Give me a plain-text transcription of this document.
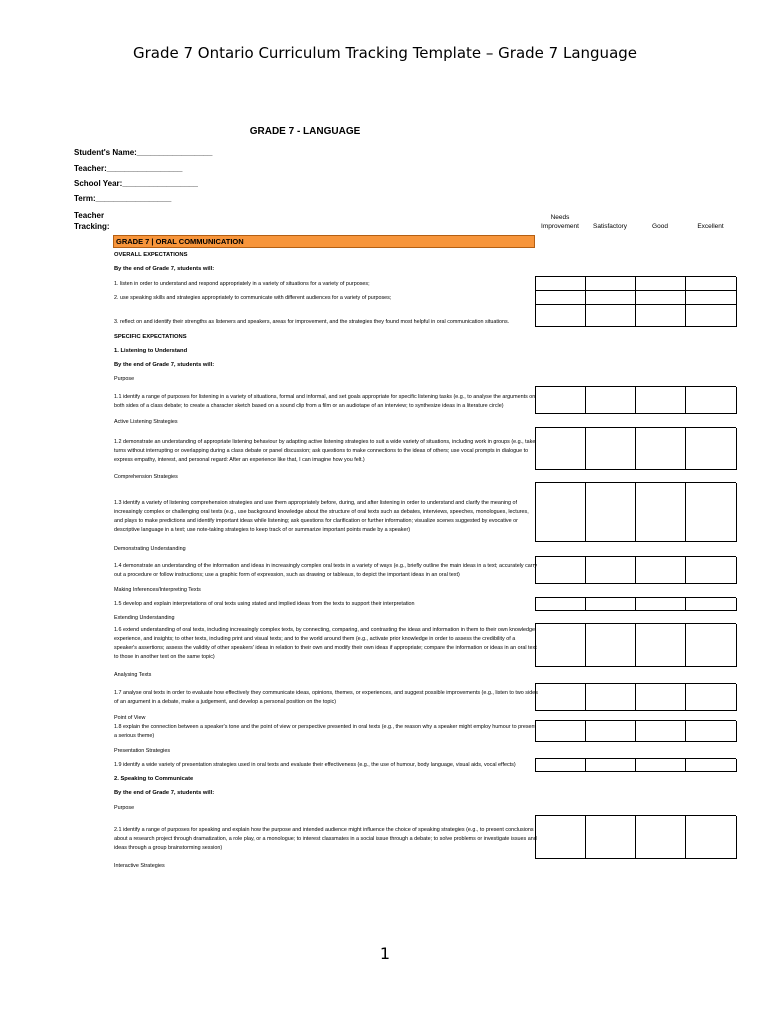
Grade 7 Ontario Curriculum Tracking Template – Grade 7 Language
GRADE 7 - LANGUAGE
Student's Name:_________________
Teacher:_________________
School Year:_________________
Term:_________________
Teacher
Tracking:
Needs
Improvement	Satisfactory	Good	Excellent
GRADE 7 | ORAL COMMUNICATION
OVERALL EXPECTATIONS
By the end of Grade 7, students will:
1. listen in order to understand and respond appropriately in a variety of situations for a variety of purposes;
2. use speaking skills and strategies appropriately to communicate with different audiences for a variety of purposes;
3. reflect on and identify their strengths as listeners and speakers, areas for improvement, and the strategies they found most helpful in oral communication situations.
SPECIFIC EXPECTATIONS
1. Listening to Understand
By the end of Grade 7, students will:
Purpose
1.1 identify a range of purposes for listening in a variety of situations, formal and informal, and set goals appropriate for specific listening tasks (e.g., to analyse the arguments on both sides of a class debate; to create a character sketch based on a sound clip from a film or an audiotape of an interview; to synthesize ideas in a literature circle)
Active Listening Strategies
1.2 demonstrate an understanding of appropriate listening behaviour by adapting active listening strategies to suit a wide variety of situations, including work in groups (e.g., take turns without interrupting or overlapping during a class debate or panel discussion; ask questions to make connections to the ideas of others; use vocal prompts in dialogue to express empathy, interest, and personal regard: After an experience like that, I can imagine how you felt.)
Comprehension Strategies
1.3 identify a variety of listening comprehension strategies and use them appropriately before, during, and after listening in order to understand and clarify the meaning of increasingly complex or challenging oral texts (e.g., use background knowledge about the structure of oral texts such as debates, interviews, speeches, monologues, lectures, and plays to make predictions and identify important ideas while listening; ask questions for clarification or further information; visualize scenes suggested by evocative or descriptive language in a text; use note-taking strategies to keep track of or summarize important points made by a speaker)
Demonstrating Understanding
1.4 demonstrate an understanding of the information and ideas in increasingly complex oral texts in a variety of ways (e.g., briefly outline the main ideas in a text; accurately carry out a procedure or follow instructions; use a graphic form of expression, such as drawing or tableaux, to depict the important ideas in an oral text)
Making Inferences/Interpreting Texts
1.5 develop and explain interpretations of oral texts using stated and implied ideas from the texts to support their interpretation
Extending Understanding
1.6 extend understanding of oral texts, including increasingly complex texts, by connecting, comparing, and contrasting the ideas and information in them to their own knowledge, experience, and insights; to other texts, including print and visual texts; and to the world around them (e.g., activate prior knowledge in order to assess the credibility of a speaker's assertions; assess the validity of other speakers' ideas in relation to their own and modify their own ideas if appropriate; compare the information or ideas in an oral text to those in another text on the same topic)
Analysing Texts
1.7 analyse oral texts in order to evaluate how effectively they communicate ideas, opinions, themes, or experiences, and suggest possible improvements (e.g., listen to two sides of an argument in a debate, make a judgement, and develop a personal position on the topic)
Point of View
1.8 explain the connection between a speaker's tone and the point of view or perspective presented in oral texts (e.g., the reason why a speaker might employ humour to present a serious theme)
Presentation Strategies
1.9 identify a wide variety of presentation strategies used in oral texts and evaluate their effectiveness (e.g., the use of humour, body language, visual aids, vocal effects)
2. Speaking to Communicate
By the end of Grade 7, students will:
Purpose
2.1 identify a range of purposes for speaking and explain how the purpose and intended audience might influence the choice of speaking strategies (e.g., to present conclusions about a research project through dramatization, a role play, or a monologue; to interest classmates in a social issue through a debate; to solve problems or investigate issues and ideas through a group brainstorming session)
Interactive Strategies
1
